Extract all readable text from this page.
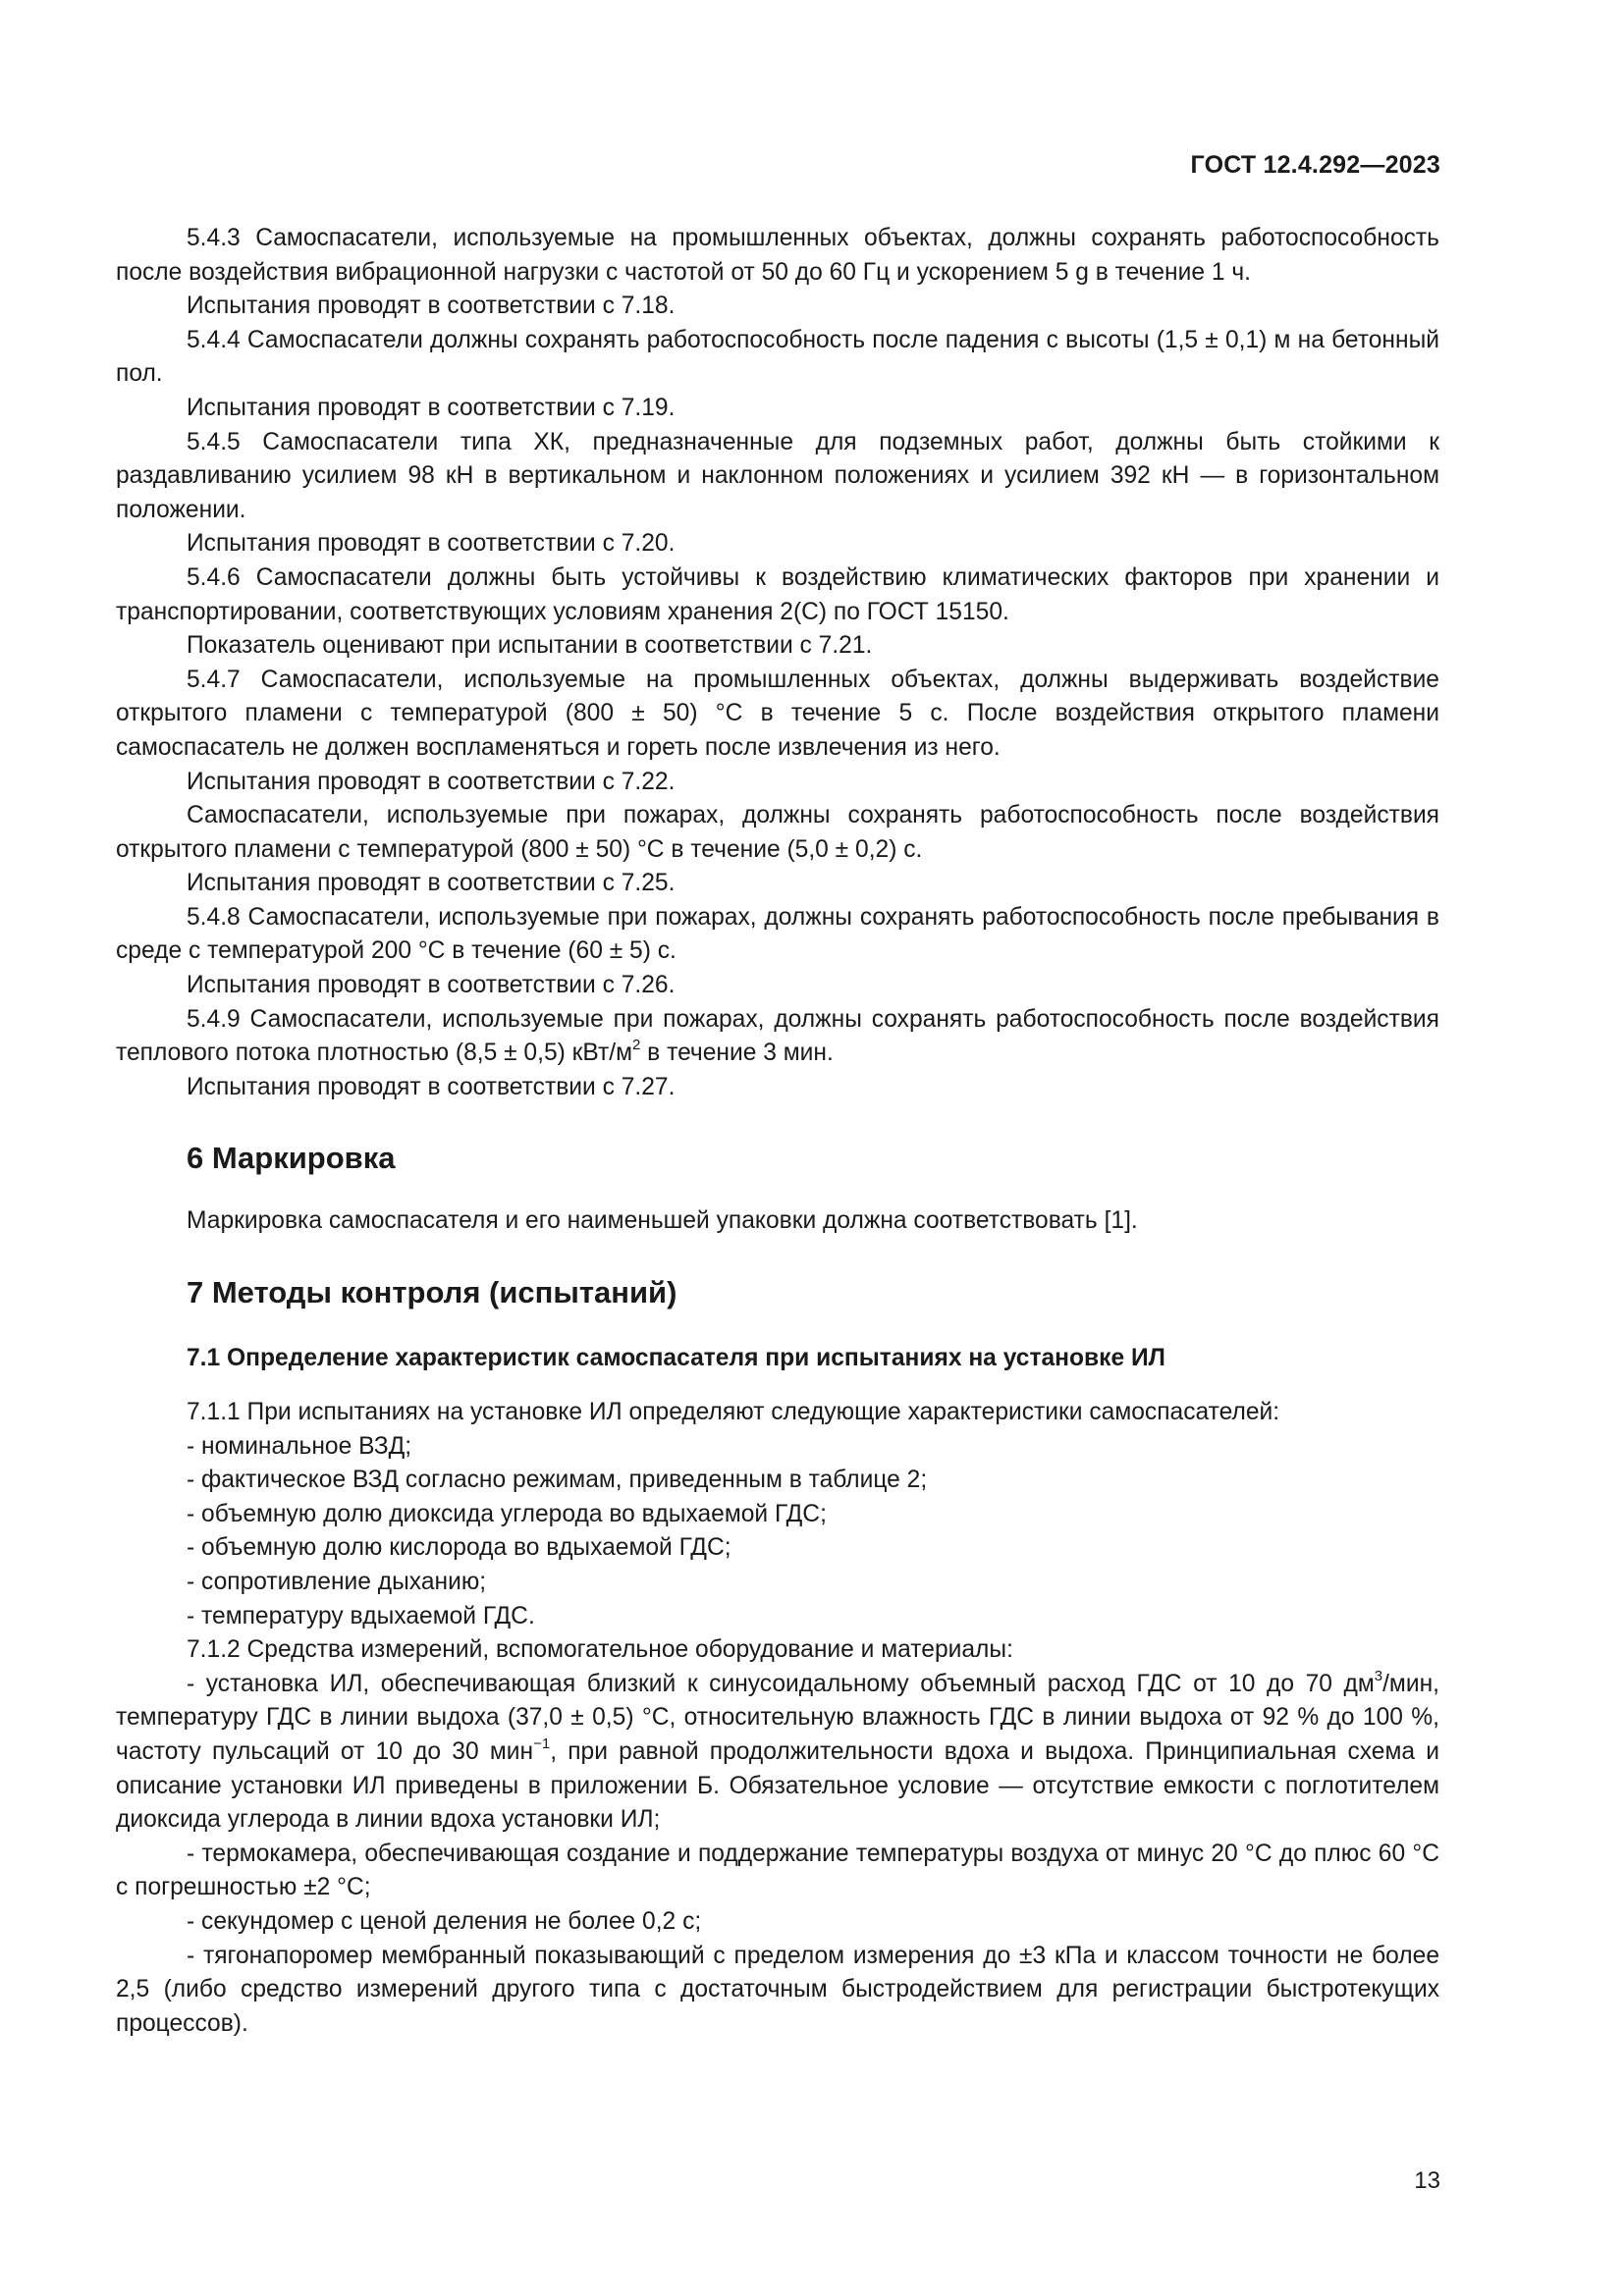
ГОСТ 12.4.292—2023

5.4.3 Самоспасатели, используемые на промышленных объектах, должны сохранять работоспособность после воздействия вибрационной нагрузки с частотой от 50 до 60 Гц и ускорением 5 g в течение 1 ч.

Испытания проводят в соответствии с 7.18.

5.4.4 Самоспасатели должны сохранять работоспособность после падения с высоты (1,5 ± 0,1) м на бетонный пол.

Испытания проводят в соответствии с 7.19.

5.4.5 Самоспасатели типа ХК, предназначенные для подземных работ, должны быть стойкими к раздавливанию усилием 98 кН в вертикальном и наклонном положениях и усилием 392 кН — в горизонтальном положении.

Испытания проводят в соответствии с 7.20.

5.4.6 Самоспасатели должны быть устойчивы к воздействию климатических факторов при хранении и транспортировании, соответствующих условиям хранения 2(С) по ГОСТ 15150.

Показатель оценивают при испытании в соответствии с 7.21.

5.4.7 Самоспасатели, используемые на промышленных объектах, должны выдерживать воздействие открытого пламени с температурой (800 ± 50) °С в течение 5 с. После воздействия открытого пламени самоспасатель не должен воспламеняться и гореть после извлечения из него.

Испытания проводят в соответствии с 7.22.

Самоспасатели, используемые при пожарах, должны сохранять работоспособность после воздействия открытого пламени с температурой (800 ± 50) °С в течение (5,0 ± 0,2) с.

Испытания проводят в соответствии с 7.25.

5.4.8 Самоспасатели, используемые при пожарах, должны сохранять работоспособность после пребывания в среде с температурой 200 °С в течение (60 ± 5) с.

Испытания проводят в соответствии с 7.26.

5.4.9 Самоспасатели, используемые при пожарах, должны сохранять работоспособность после воздействия теплового потока плотностью (8,5 ± 0,5) кВт/$м^2$ в течение 3 мин.

Испытания проводят в соответствии с 7.27.

6 Маркировка

Маркировка самоспасателя и его наименьшей упаковки должна соответствовать [1].

7 Методы контроля (испытаний)
7.1 Определение характеристик самоспасателя при испытаниях на установке ИЛ

7.1.1 При испытаниях на установке ИЛ определяют следующие характеристики самоспасателей:

- номинальное ВЗД;

- фактическое ВЗД согласно режимам, приведенным в таблице 2;

- объемную долю диоксида углерода во вдыхаемой ГДС;

- объемную долю кислорода во вдыхаемой ГДС;

- сопротивление дыханию;

- температуру вдыхаемой ГДС.

7.1.2 Средства измерений, вспомогательное оборудование и материалы:

- установка ИЛ, обеспечивающая близкий к синусоидальному объемный расход ГДС от 10 до 70 $дм^3$/мин, температуру ГДС в линии выдоха (37,0 ± 0,5) °С, относительную влажность ГДС в линии выдоха от 92 % до 100 %, частоту пульсаций от 10 до 30 мин$^{-1}$, при равной продолжительности вдоха и выдоха. Принципиальная схема и описание установки ИЛ приведены в приложении Б. Обязательное условие — отсутствие емкости с поглотителем диоксида углерода в линии вдоха установки ИЛ;

- термокамера, обеспечивающая создание и поддержание температуры воздуха от минус 20 °С до плюс 60 °С с погрешностью ±2 °С;

- секундомер с ценой деления не более 0,2 с;

- тягонапоромер мембранный показывающий с пределом измерения до ±3 кПа и классом точности не более 2,5 (либо средство измерений другого типа с достаточным быстродействием для регистрации быстротекущих процессов).

13
